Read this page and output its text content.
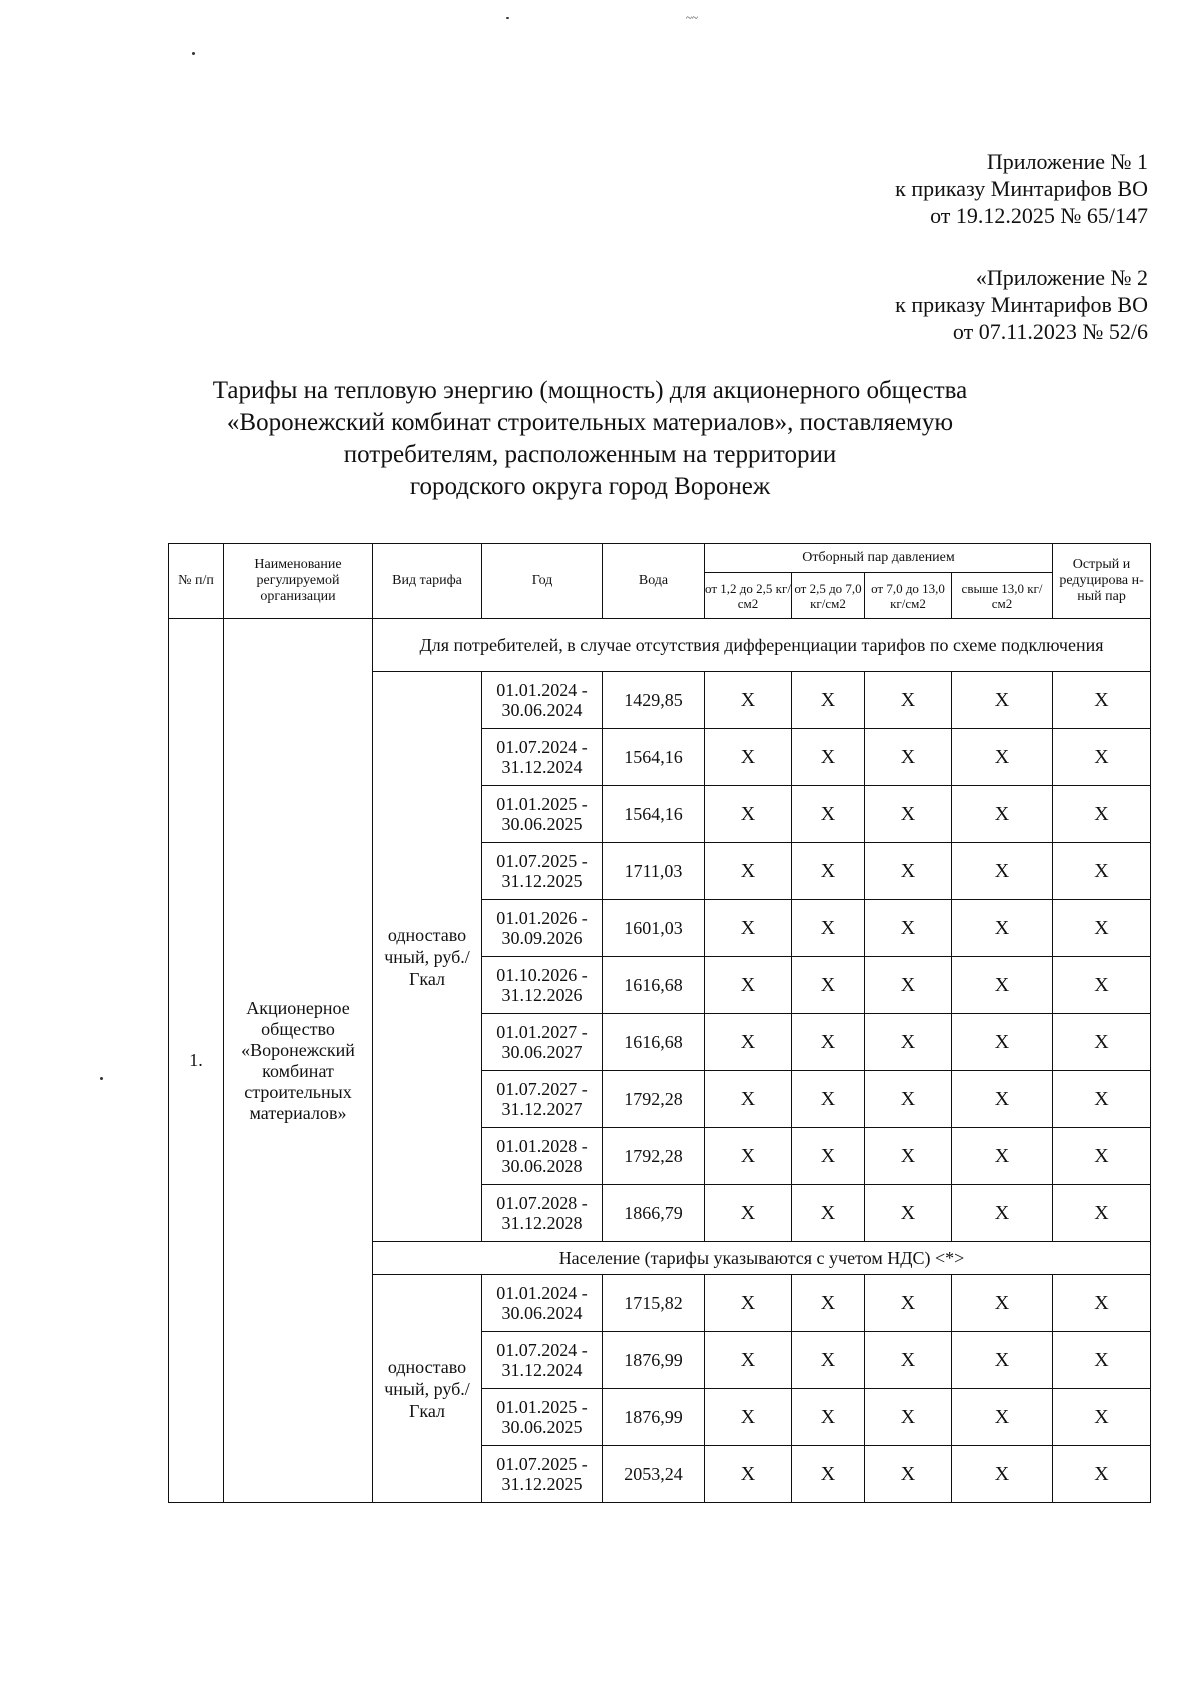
~~
Приложение № 1
к приказу Минтарифов ВО
от 19.12.2025 № 65/147
«Приложение № 2
к приказу Минтарифов ВО
от 07.11.2023 № 52/6
Тарифы на тепловую энергию (мощность) для акционерного общества
«Воронежский комбинат строительных материалов», поставляемую
потребителям, расположенным на территории
городского округа город Воронеж
№ п/п	Наименование регулируемой организации	Вид тарифа	Год	Вода	Отборный пар давлением				Острый и редуцирова н- ный пар
					от 1,2 до 2,5 кг/см2	от 2,5 до 7,0 кг/см2	от 7,0 до 13,0 кг/см2	свыше 13,0 кг/см2	
1.	Акционерное общество «Воронежский комбинат строительных материалов»	Для потребителей, в случае отсутствия дифференциации тарифов по схеме подключения							
		одноставо чный, руб./Гкал	01.01.2024 - 30.06.2024	1429,85	X	X	X	X	X
			01.07.2024 - 31.12.2024	1564,16	X	X	X	X	X
			01.01.2025 - 30.06.2025	1564,16	X	X	X	X	X
			01.07.2025 - 31.12.2025	1711,03	X	X	X	X	X
			01.01.2026 - 30.09.2026	1601,03	X	X	X	X	X
			01.10.2026 - 31.12.2026	1616,68	X	X	X	X	X
			01.01.2027 - 30.06.2027	1616,68	X	X	X	X	X
			01.07.2027 - 31.12.2027	1792,28	X	X	X	X	X
			01.01.2028 - 30.06.2028	1792,28	X	X	X	X	X
			01.07.2028 - 31.12.2028	1866,79	X	X	X	X	X
		Население (тарифы указываются с учетом НДС) <*>							
		одноставо чный, руб./Гкал	01.01.2024 - 30.06.2024	1715,82	X	X	X	X	X
			01.07.2024 - 31.12.2024	1876,99	X	X	X	X	X
			01.01.2025 - 30.06.2025	1876,99	X	X	X	X	X
			01.07.2025 - 31.12.2025	2053,24	X	X	X	X	X
